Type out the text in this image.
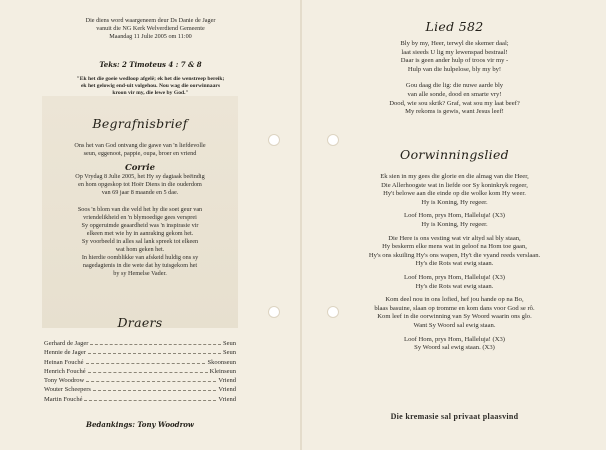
Die diens word waargeneem deur Ds Danie de Jager
vanuit die NG Kerk Welverdiend Gemeente
Maandag 11 Julie 2005 om 11:00
Teks: 2 Timoteus 4 : 7 & 8
"Ek het die goeie wedloop afgelê; ek het die wenstreep bereik;
ek het gelowig end-uit volgehou. Nou wag die oorwinnaars
kroon vir my, die lewe by God."
Begrafnisbrief
Ons het van God ontvang die gawe van 'n liefdevolle
seun, eggenoot, pappie, oupa, broer en vriend
Corrie
Op Vrydag 8 Julie 2005, het Hy sy dagtaak beëindig
en hom opgeskop tot Hoër Diens in die ouderdom
van 69 jaar 8 maande en 5 dae.
Soos 'n blom van die veld het hy die soet geur van
vriendelikheid en 'n blymoedige gees versprei
Sy opgeruimde geaardheid was 'n inspirasie vir
elkeen met wie hy in aanraking gekom het.
Sy voorbeeld in alles sal lank spreek tot elkeen
wat hom geken het.
In hierdie oomblikke van afskeid huldig ons sy
nagedagtenis in die wete dat hy tuisgekom het
by sy Hemelse Vader.
Draers
Gerhard de Jager	Seun
Hennie de Jager	Seun
Heinan Fouché	Skoonseun
Henrich Fouché	Kleinseun
Tony Woodrow	Vriend
Wouter Scheepers	Vriend
Martin Fouché	Vriend
Bedankings: Tony Woodrow
Lied 582
Bly by my, Heer, terwyl die skemer daal;
laat sieeds U lig my lewenspad bestraal!
Daar is geen ander hulp of troos vir my -
Hulp van die hulpelose, bly my by!
Gou daag die lig: die nuwe aarde bly
van alle sonde, dood en smarte vry!
Dood, wie sou skrik? Graf, wat sou my laat beef?
My rekoms is gewis, want Jesus leef!
Oorwinningslied
Ek sien in my gees die glorie en die almag van die Heer,
Die Allerhoogste wat in liefde oor Sy koninkryk regeer,
Hy't belowe aan die einde op die wolke kom Hy weer.
Hy is Koning, Hy regeer.
Loof Hom, prys Hom, Halleluja! (X3)
Hy is Koning, Hy regeer.
Die Here is ons vesting wat vir altyd sal bly staan,
Hy beskerm elke mens wat in geloof na Hom toe gaan,
Hy's ons skuiling Hy's ons wapen, Hy't die vyand reeds verslaan.
Hy's die Rots wat ewig staan.
Loof Hom, prys Hom, Halleluja! (X3)
Hy's die Rots wat ewig staan.
Kom deel nou in ons lofied, hef jou hande op na Bo,
blaas basuine, slaan op tromme en kom dans voor God se rô.
Kom leef in die oorwinning van Sy Woord waarin ons glo.
Want Sy Woord sal ewig staan.
Loof Hom, prys Hom, Halleluja! (X3)
Sy Woord sal ewig staan. (X3)
Die kremasie sal privaat plaasvind
